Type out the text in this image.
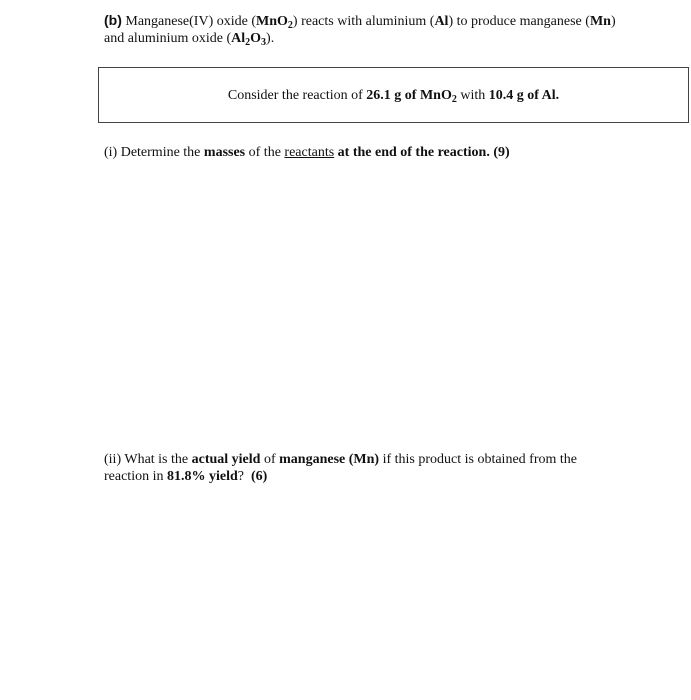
(b) Manganese(IV) oxide (MnO$_2$) reacts with aluminium (Al) to produce manganese (Mn)
and aluminium oxide $(Al_2O_3)$.
Consider the reaction of 26.1 g of MnO$_2$ with 10.4 g of Al.
(i) Determine the masses of the reactants at the end of the reaction. (9)
(ii) What is the actual yield of manganese (Mn) if this product is obtained from the
reaction in 81.8% yield?  (6)
